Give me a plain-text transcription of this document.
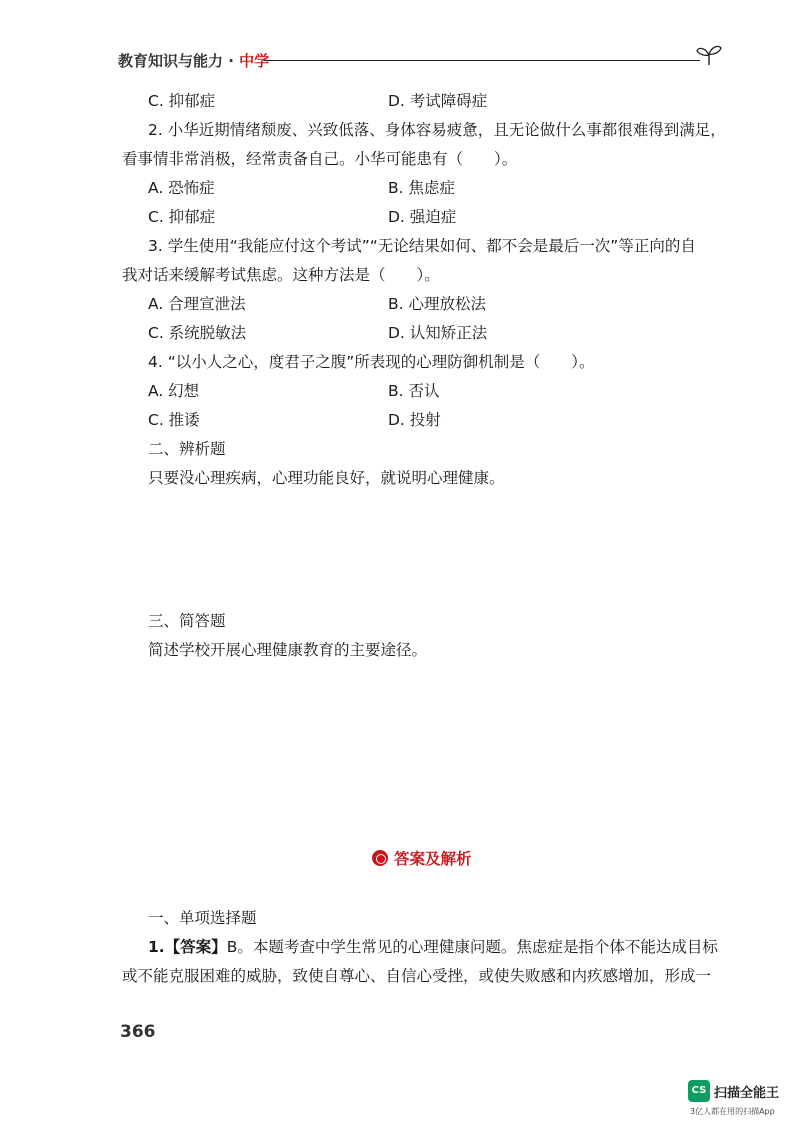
教育知识与能力 · 中学
C. 抑郁症	D. 考试障碍症
2. 小华近期情绪颓废、兴致低落、身体容易疲惫，且无论做什么事都很难得到满足，
看事情非常消极，经常责备自己。小华可能患有（　　）。
A. 恐怖症	B. 焦虑症
C. 抑郁症	D. 强迫症
3. 学生使用“我能应付这个考试”“无论结果如何、都不会是最后一次”等正向的自
我对话来缓解考试焦虑。这种方法是（　　）。
A. 合理宣泄法	B. 心理放松法
C. 系统脱敏法	D. 认知矫正法
4. “以小人之心，度君子之腹”所表现的心理防御机制是（　　）。
A. 幻想	B. 否认
C. 推诿	D. 投射
二、辨析题
只要没心理疾病，心理功能良好，就说明心理健康。
三、简答题
简述学校开展心理健康教育的主要途径。
答案及解析
一、单项选择题
1.【答案】B。本题考查中学生常见的心理健康问题。焦虑症是指个体不能达成目标
或不能克服困难的威胁，致使自尊心、自信心受挫，或使失败感和内疚感增加，形成一
366
CS 扫描全能王
3亿人都在用的扫描App
